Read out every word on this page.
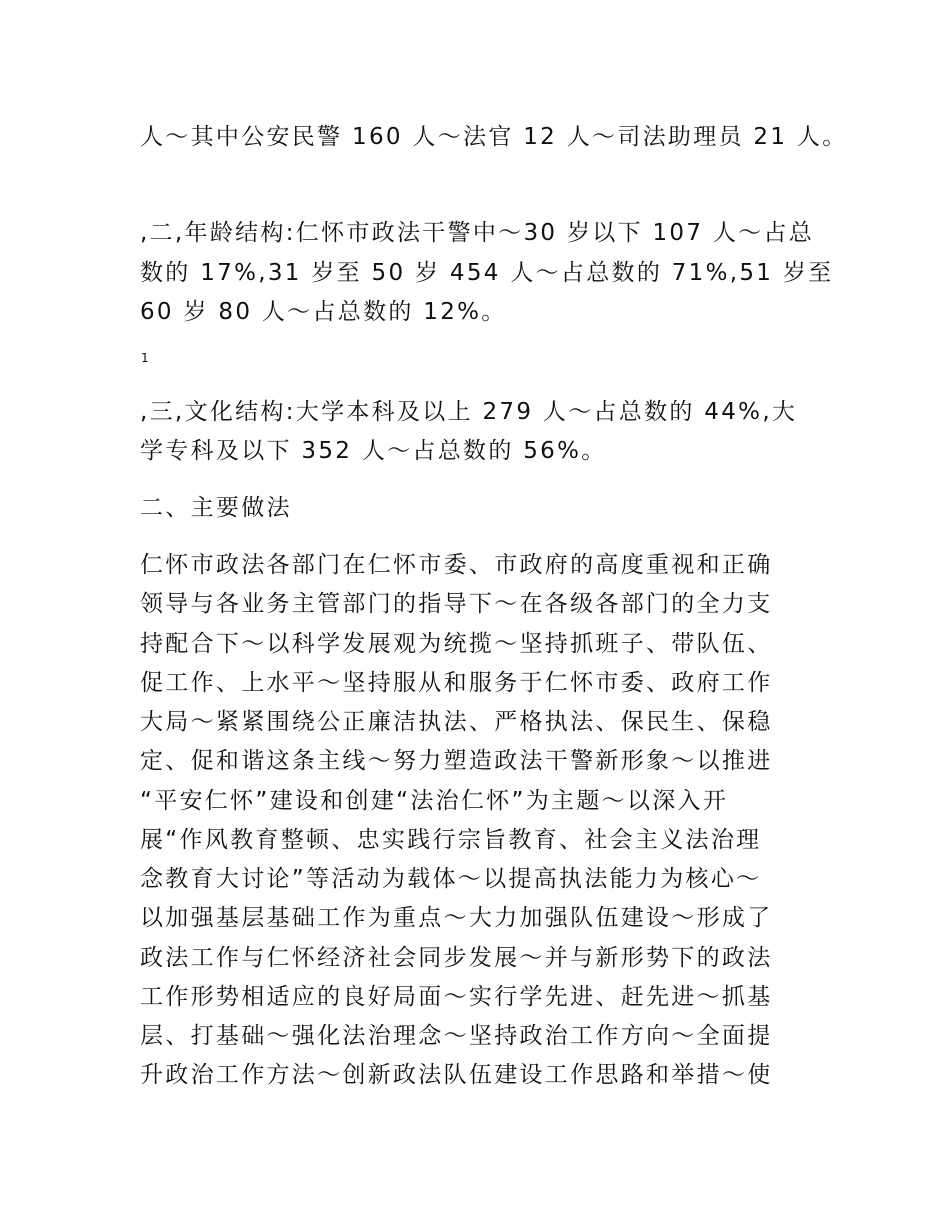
人～其中公安民警 160 人～法官 12 人～司法助理员 21 人。
,二,年龄结构:仁怀市政法干警中～30 岁以下 107 人～占总
数的 17%,31 岁至 50 岁 454 人～占总数的 71%,51 岁至
60 岁 80 人～占总数的 12%。
1
,三,文化结构:大学本科及以上 279 人～占总数的 44%,大
学专科及以下 352 人～占总数的 56%。
二、主要做法
仁怀市政法各部门在仁怀市委、市政府的高度重视和正确
领导与各业务主管部门的指导下～在各级各部门的全力支
持配合下～以科学发展观为统揽～坚持抓班子、带队伍、
促工作、上水平～坚持服从和服务于仁怀市委、政府工作
大局～紧紧围绕公正廉洁执法、严格执法、保民生、保稳
定、促和谐这条主线～努力塑造政法干警新形象～以推进
“平安仁怀”建设和创建“法治仁怀”为主题～以深入开
展“作风教育整顿、忠实践行宗旨教育、社会主义法治理
念教育大讨论”等活动为载体～以提高执法能力为核心～
以加强基层基础工作为重点～大力加强队伍建设～形成了
政法工作与仁怀经济社会同步发展～并与新形势下的政法
工作形势相适应的良好局面～实行学先进、赶先进～抓基
层、打基础～强化法治理念～坚持政治工作方向～全面提
升政治工作方法～创新政法队伍建设工作思路和举措～使
